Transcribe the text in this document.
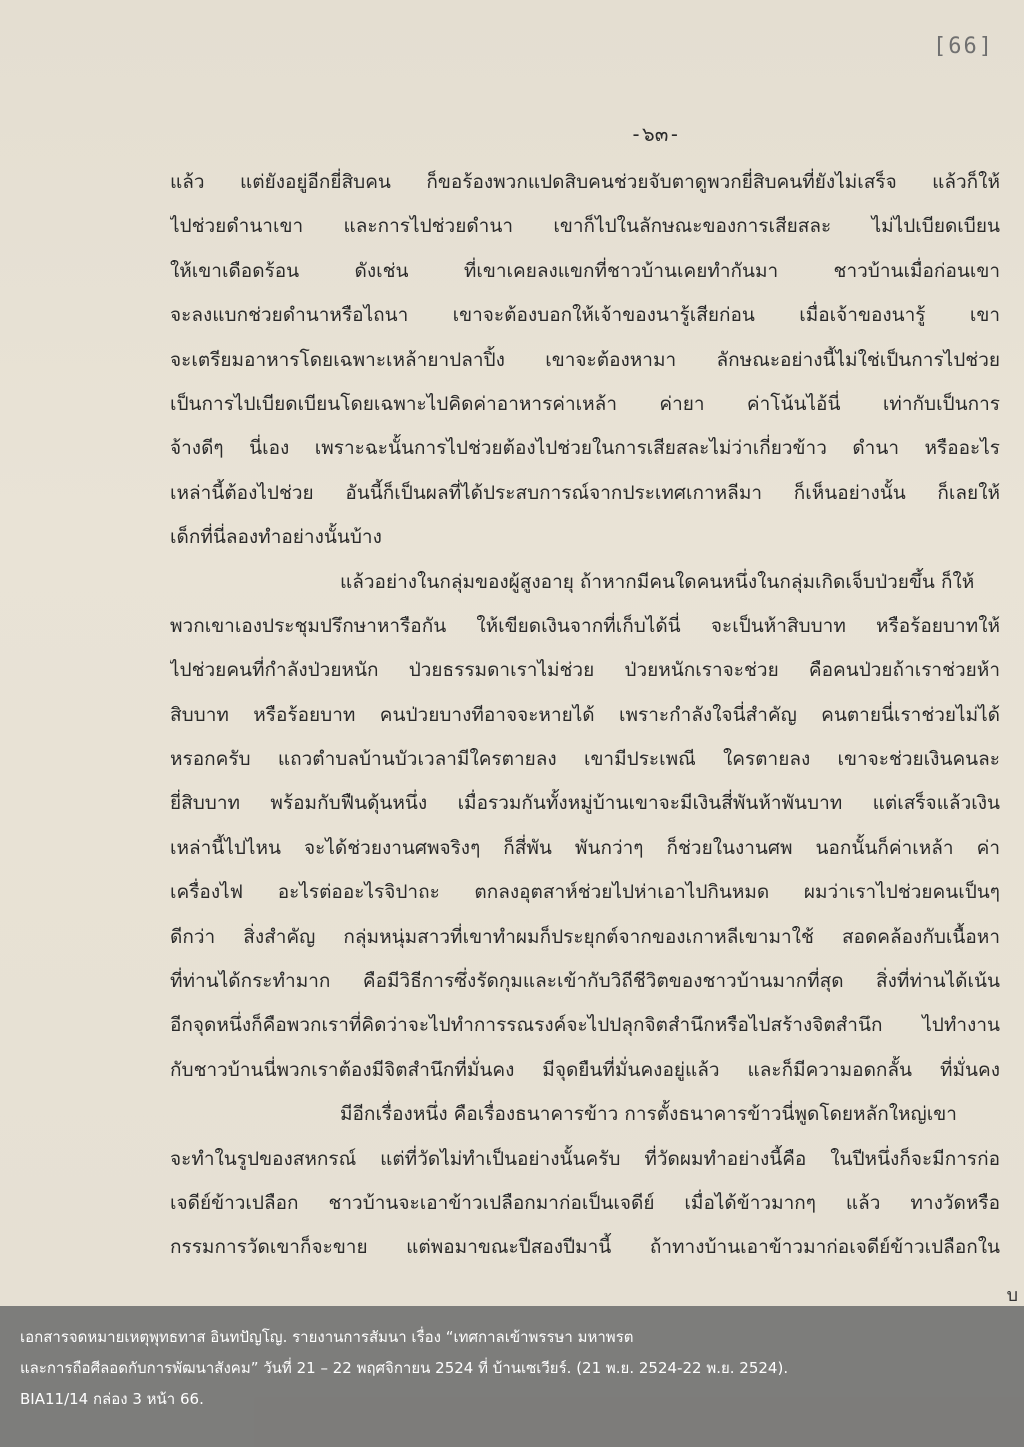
[66]
-๖๓-
แล้ว แต่ยังอยู่อีกยี่สิบคน ก็ขอร้องพวกแปดสิบคนช่วยจับตาดูพวกยี่สิบคนที่ยังไม่เสร็จ แล้วก็ให้
ไปช่วยดำนาเขา และการไปช่วยดำนา เขาก็ไปในลักษณะของการเสียสละ ไม่ไปเบียดเบียน
ให้เขาเดือดร้อน ดังเช่น ที่เขาเคยลงแขกที่ชาวบ้านเคยทำกันมา ชาวบ้านเมื่อก่อนเขา
จะลงแบกช่วยดำนาหรือไถนา เขาจะต้องบอกให้เจ้าของนารู้เสียก่อน เมื่อเจ้าของนารู้ เขา
จะเตรียมอาหารโดยเฉพาะเหล้ายาปลาปิ้ง เขาจะต้องหามา ลักษณะอย่างนี้ไม่ใช่เป็นการไปช่วย
เป็นการไปเบียดเบียนโดยเฉพาะไปคิดค่าอาหารค่าเหล้า ค่ายา ค่าโน้นไอ้นี่ เท่ากับเป็นการ
จ้างดีๆ นี่เอง เพราะฉะนั้นการไปช่วยต้องไปช่วยในการเสียสละไม่ว่าเกี่ยวข้าว ดำนา หรืออะไร
เหล่านี้ต้องไปช่วย อันนี้ก็เป็นผลที่ได้ประสบการณ์จากประเทศเกาหลีมา ก็เห็นอย่างนั้น ก็เลยให้
เด็กที่นี่ลองทำอย่างนั้นบ้าง
แล้วอย่างในกลุ่มของผู้สูงอายุ ถ้าหากมีคนใดคนหนึ่งในกลุ่มเกิดเจ็บป่วยขึ้น ก็ให้
พวกเขาเองประชุมปรึกษาหารือกัน ให้เขียดเงินจากที่เก็บได้นี่ จะเป็นห้าสิบบาท หรือร้อยบาทให้
ไปช่วยคนที่กำลังป่วยหนัก ป่วยธรรมดาเราไม่ช่วย ป่วยหนักเราจะช่วย คือคนป่วยถ้าเราช่วยห้า
สิบบาท หรือร้อยบาท คนป่วยบางทีอาจจะหายได้ เพราะกำลังใจนี่สำคัญ คนตายนี่เราช่วยไม่ได้
หรอกครับ แถวตำบลบ้านบัวเวลามีใครตายลง เขามีประเพณี ใครตายลง เขาจะช่วยเงินคนละ
ยี่สิบบาท พร้อมกับฟืนดุ้นหนึ่ง เมื่อรวมกันทั้งหมู่บ้านเขาจะมีเงินสี่พันห้าพันบาท แต่เสร็จแล้วเงิน
เหล่านี้ไปไหน จะได้ช่วยงานศพจริงๆ ก็สี่พัน พันกว่าๆ ก็ช่วยในงานศพ นอกนั้นก็ค่าเหล้า ค่า
เครื่องไฟ อะไรต่ออะไรจิปาถะ ตกลงอุตสาห์ช่วยไปห่าเอาไปกินหมด ผมว่าเราไปช่วยคนเป็นๆ
ดีกว่า สิ่งสำคัญ กลุ่มหนุ่มสาวที่เขาทำผมก็ประยุกต์จากของเกาหลีเขามาใช้ สอดคล้องกับเนื้อหา
ที่ท่านได้กระทำมาก คือมีวิธีการซึ่งรัดกุมและเข้ากับวิถีชีวิตของชาวบ้านมากที่สุด สิ่งที่ท่านได้เน้น
อีกจุดหนึ่งก็คือพวกเราที่คิดว่าจะไปทำการรณรงค์จะไปปลุกจิตสำนึกหรือไปสร้างจิตสำนึก ไปทำงาน
กับชาวบ้านนี่พวกเราต้องมีจิตสำนึกที่มั่นคง มีจุดยืนที่มั่นคงอยู่แล้ว และก็มีความอดกลั้น ที่มั่นคง
มีอีกเรื่องหนึ่ง คือเรื่องธนาคารข้าว การตั้งธนาคารข้าวนี่พูดโดยหลักใหญ่เขา
จะทำในรูปของสหกรณ์ แต่ที่วัดไม่ทำเป็นอย่างนั้นครับ ที่วัดผมทำอย่างนี้คือ ในปีหนึ่งก็จะมีการก่อ
เจดีย์ข้าวเปลือก ชาวบ้านจะเอาข้าวเปลือกมาก่อเป็นเจดีย์ เมื่อได้ข้าวมากๆ แล้ว ทางวัดหรือ
กรรมการวัดเขาก็จะขาย แต่พอมาขณะปีสองปีมานี้ ถ้าทางบ้านเอาข้าวมาก่อเจดีย์ข้าวเปลือกใน
บ
เอกสารจดหมายเหตุพุทธทาส อินทปัญโญ. รายงานการสัมนา เรื่อง “เทศกาลเข้าพรรษา มหาพรต
และการถือศีลอดกับการพัฒนาสังคม” วันที่ 21 – 22 พฤศจิกายน 2524 ที่ บ้านเซเวียร์. (21 พ.ย. 2524-22 พ.ย. 2524).
BIA11/14 กล่อง 3 หน้า 66.
